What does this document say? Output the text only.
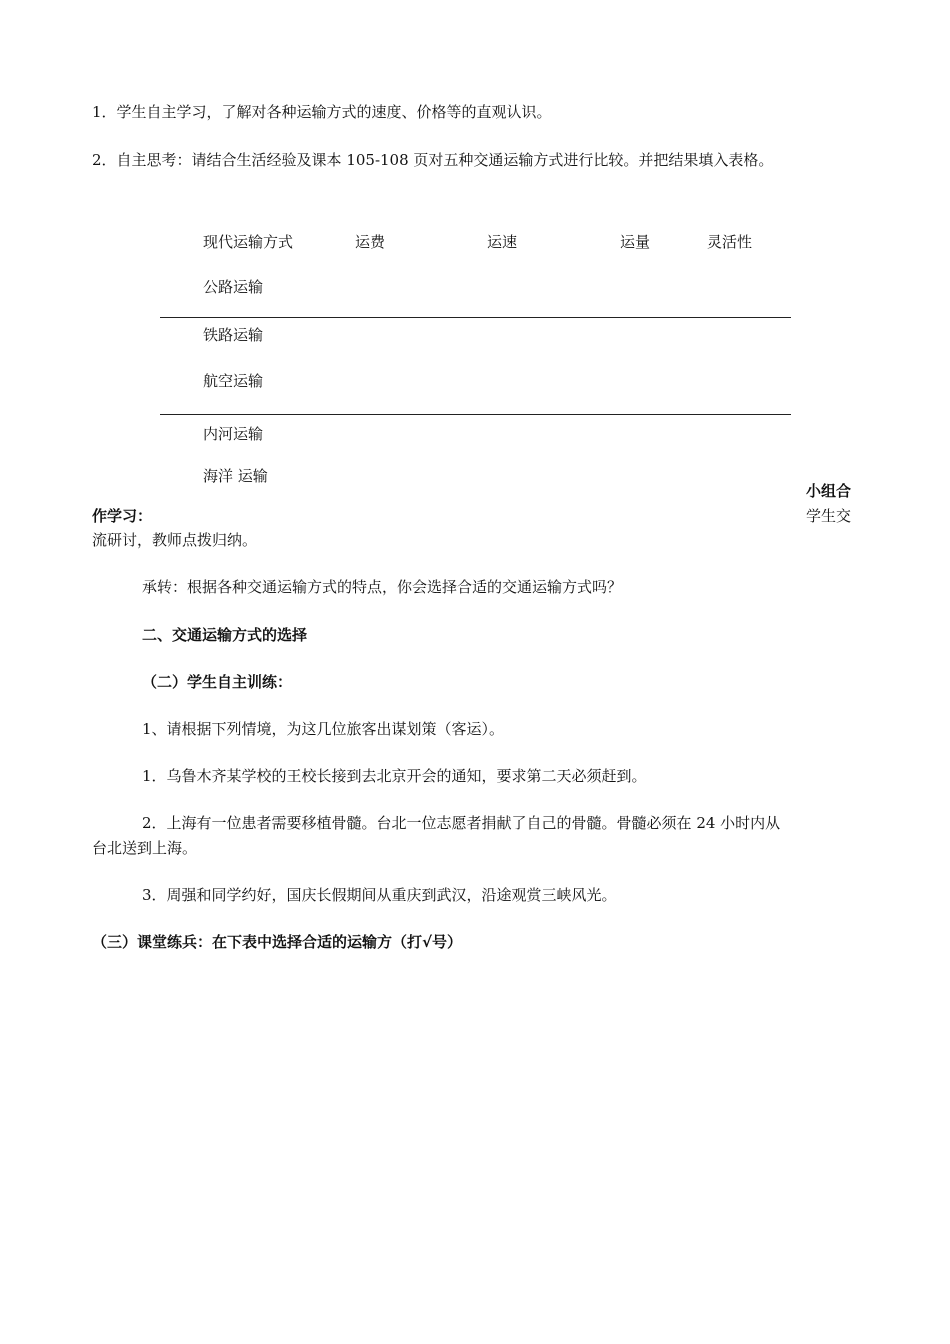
1．学生自主学习，了解对各种运输方式的速度、价格等的直观认识。
2．自主思考：请结合生活经验及课本 105-108 页对五种交通运输方式进行比较。并把结果填入表格。
现代运输方式	运费	运速	运量	灵活性
公路运输
铁路运输
航空运输
内河运输
海洋 运输
小组合
学生交
作学习：
流研讨，教师点拨归纳。
承转：根据各种交通运输方式的特点，你会选择合适的交通运输方式吗？
二、交通运输方式的选择
（二）学生自主训练：
1、请根据下列情境，为这几位旅客出谋划策（客运）。
1．乌鲁木齐某学校的王校长接到去北京开会的通知，要求第二天必须赶到。
2．上海有一位患者需要移植骨髓。台北一位志愿者捐献了自己的骨髓。骨髓必须在 24 小时内从
台北送到上海。
3．周强和同学约好，国庆长假期间从重庆到武汉，沿途观赏三峡风光。
（三）课堂练兵：在下表中选择合适的运输方（打√号）
